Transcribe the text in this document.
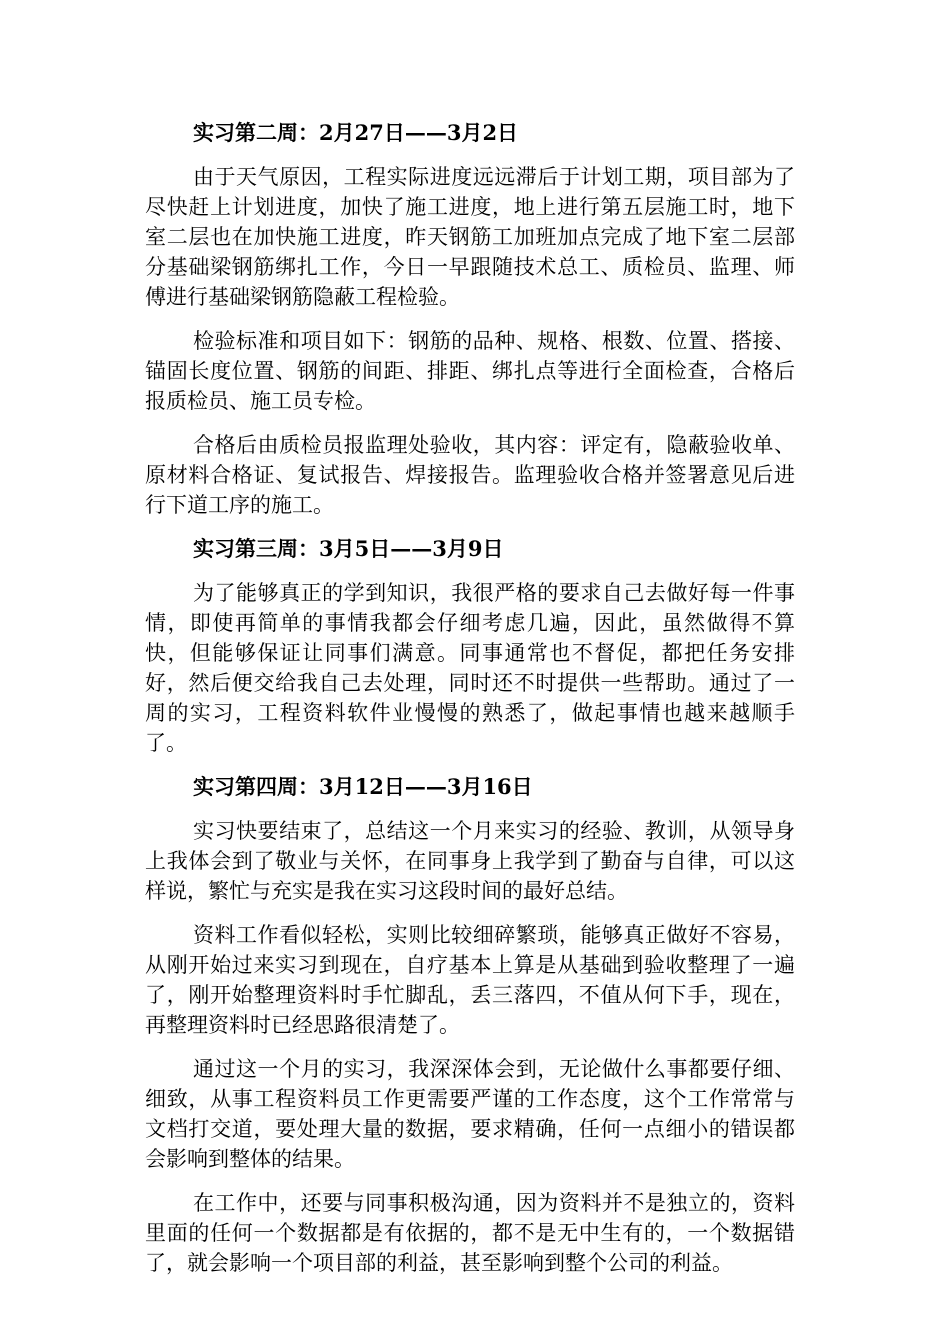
实习第二周：2月27日——3月2日

由于天气原因，工程实际进度远远滞后于计划工期，项目部为了尽快赶上计划进度，加快了施工进度，地上进行第五层施工时，地下室二层也在加快施工进度，昨天钢筋工加班加点完成了地下室二层部分基础梁钢筋绑扎工作，今日一早跟随技术总工、质检员、监理、师傅进行基础梁钢筋隐蔽工程检验。

检验标准和项目如下：钢筋的品种、规格、根数、位置、搭接、锚固长度位置、钢筋的间距、排距、绑扎点等进行全面检查，合格后报质检员、施工员专检。

合格后由质检员报监理处验收，其内容：评定有，隐蔽验收单、原材料合格证、复试报告、焊接报告。监理验收合格并签署意见后进行下道工序的施工。

实习第三周：3月5日——3月9日

为了能够真正的学到知识，我很严格的要求自己去做好每一件事情，即使再简单的事情我都会仔细考虑几遍，因此，虽然做得不算快，但能够保证让同事们满意。同事通常也不督促，都把任务安排好，然后便交给我自己去处理，同时还不时提供一些帮助。通过了一周的实习，工程资料软件业慢慢的熟悉了，做起事情也越来越顺手了。

实习第四周：3月12日——3月16日

实习快要结束了，总结这一个月来实习的经验、教训，从领导身上我体会到了敬业与关怀，在同事身上我学到了勤奋与自律，可以这样说，繁忙与充实是我在实习这段时间的最好总结。

资料工作看似轻松，实则比较细碎繁琐，能够真正做好不容易，从刚开始过来实习到现在，自疗基本上算是从基础到验收整理了一遍了，刚开始整理资料时手忙脚乱，丢三落四，不值从何下手，现在，再整理资料时已经思路很清楚了。

通过这一个月的实习，我深深体会到，无论做什么事都要仔细、细致，从事工程资料员工作更需要严谨的工作态度，这个工作常常与文档打交道，要处理大量的数据，要求精确，任何一点细小的错误都会影响到整体的结果。

在工作中，还要与同事积极沟通，因为资料并不是独立的，资料里面的任何一个数据都是有依据的，都不是无中生有的，一个数据错了，就会影响一个项目部的利益，甚至影响到整个公司的利益。
